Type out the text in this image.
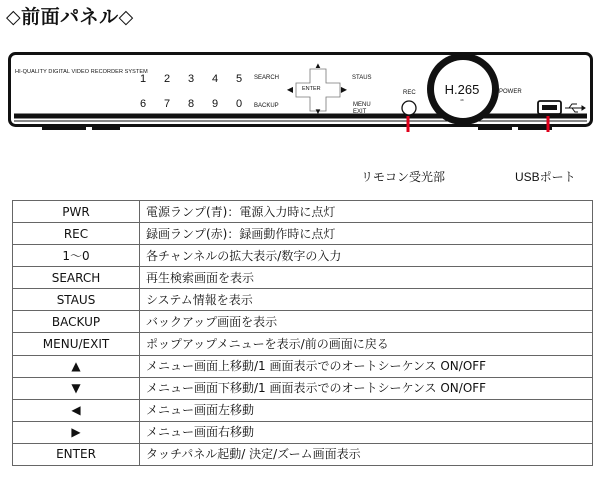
◇前面パネル◇
HI-QUALITY DIGITAL VIDEO RECORDER SYSTEM
1 2 3 4 5
6 7 8 9 0
SEARCH
BACKUP
▲
▼
◀	▶
ENTER
STAUS
MENU
EXIT
REC	H.265
4K
POWER
リモコン受光部	USBポート
PWR	電源ランプ(青)：電源入力時に点灯
REC	録画ランプ(赤)：録画動作時に点灯
1～0	各チャンネルの拡大表示/数字の入力
SEARCH	再生検索画面を表示
STAUS	システム情報を表示
BACKUP	バックアップ画面を表示
MENU/EXIT	ポップアップメニューを表示/前の画面に戻る
▲	メニュー画面上移動/1 画面表示でのオートシーケンス ON/OFF
▼	メニュー画面下移動/1 画面表示でのオートシーケンス ON/OFF
◀	メニュー画面左移動
▶	メニュー画面右移動
ENTER	タッチパネル起動/ 決定/ズーム画面表示
